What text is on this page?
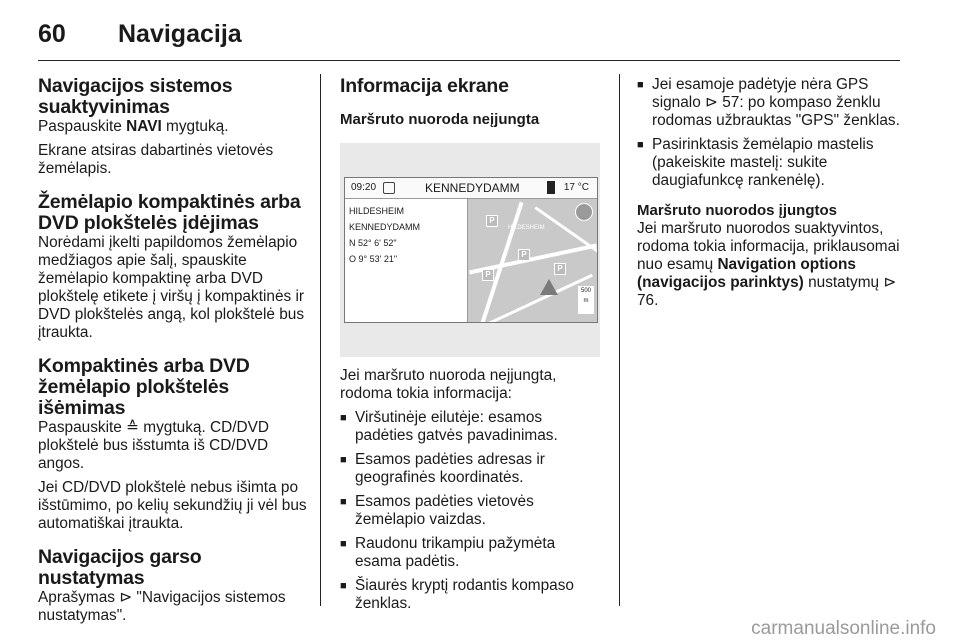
60 Navigacija
Navigacijos sistemos suaktyvinimas

Paspauskite NAVI mygtuką.

Ekrane atsiras dabartinės vietovės žemėlapis.

Žemėlapio kompaktinės arba DVD plokštelės įdėjimas

Norėdami įkelti papildomos žemėlapio medžiagos apie šalį, spauskite žemėlapio kompaktinę arba DVD plokštelę etikete į viršų į kompaktinės ir DVD plokštelės angą, kol plokštelė bus įtraukta.

Kompaktinės arba DVD žemėlapio plokštelės išėmimas

Paspauskite ≙ mygtuką. CD/DVD plokštelė bus išstumta iš CD/DVD angos.

Jei CD/DVD plokštelė nebus išimta po išstūmimo, po kelių sekundžių ji vėl bus automatiškai įtraukta.

Navigacijos garso nustatymas

Aprašymas ⊳ "Navigacijos sistemos nustatymas".

Informacija ekrane
Maršruto nuoroda neįjungta
09:20	KENNEDYDAMM	17 °C
HILDESHEIM
KENNEDYDAMM
N 52° 6' 52"
O 9° 53' 21"
HILDESHEIM
P
P
P
P
500 m

Jei maršruto nuoroda neįjungta, rodoma tokia informacija:

■ Viršutinėje eilutėje: esamos padėties gatvės pavadinimas.
■ Esamos padėties adresas ir geografinės koordinatės.
■ Esamos padėties vietovės žemėlapio vaizdas.
■ Raudonu trikampiu pažymėta esama padėtis.
■ Šiaurės kryptį rodantis kompaso ženklas.
■ Jei esamoje padėtyje nėra GPS signalo ⊳ 57: po kompaso ženklu rodomas užbrauktas "GPS" ženklas.
■ Pasirinktasis žemėlapio mastelis (pakeiskite mastelį: sukite daugiafunkcę rankenėlę).
Maršruto nuorodos įjungtos

Jei maršruto nuorodos suaktyvintos, rodoma tokia informacija, priklausomai nuo esamų Navigation options (navigacijos parinktys) nustatymų ⊳ 76.

carmanualsonline.info
